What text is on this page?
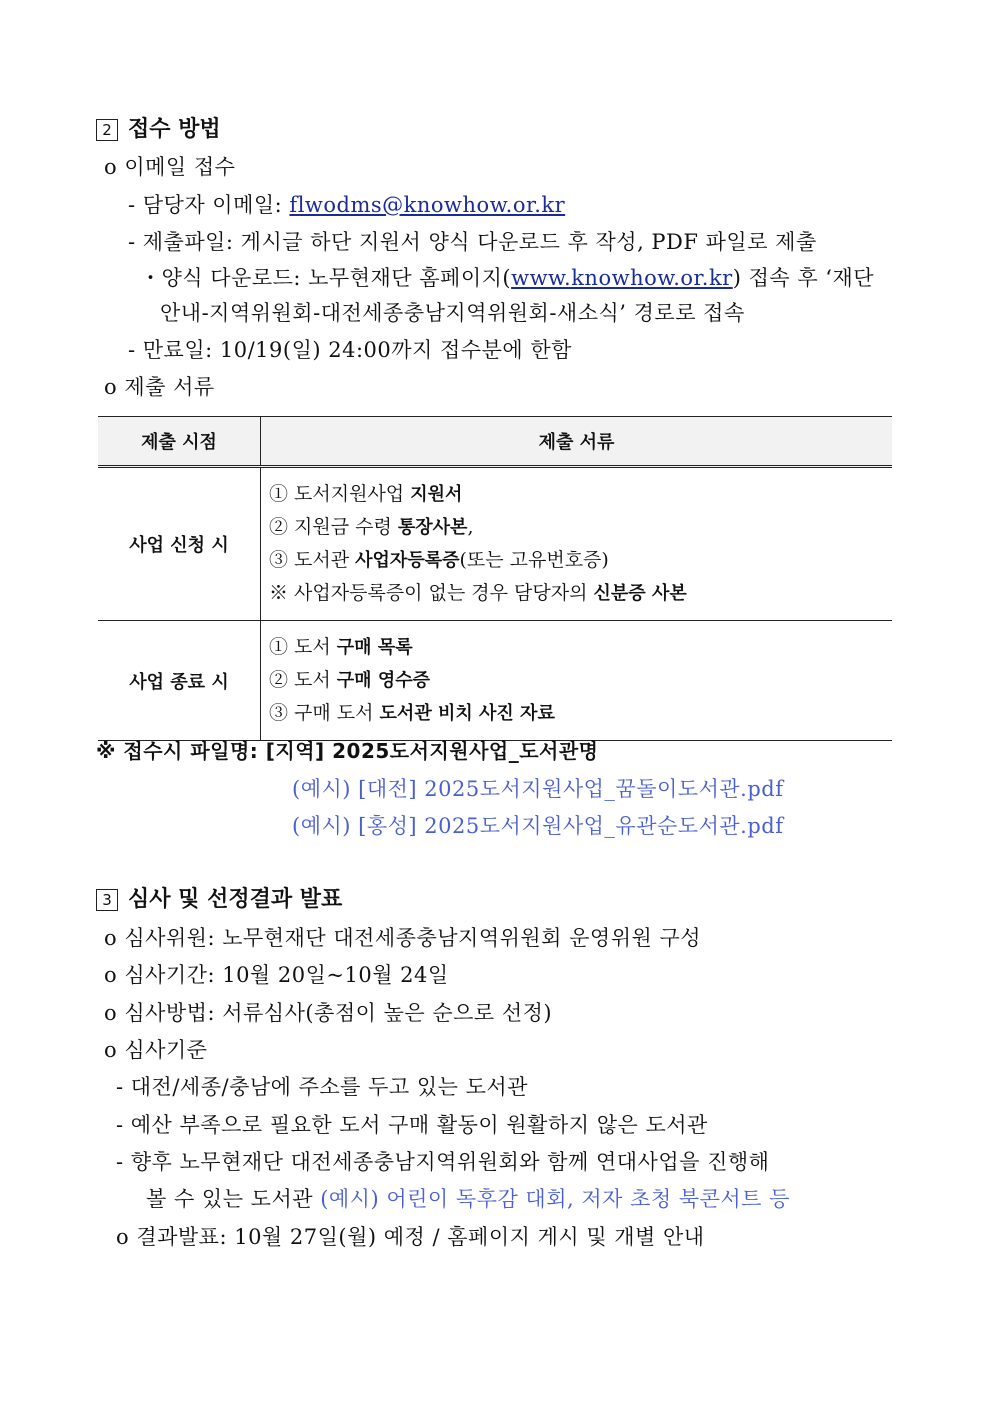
2 접수 방법
o 이메일 접수
- 담당자 이메일: flwodms@knowhow.or.kr
- 제출파일: 게시글 하단 지원서 양식 다운로드 후 작성, PDF 파일로 제출
・양식 다운로드: 노무현재단 홈페이지(www.knowhow.or.kr) 접속 후 ‘재단
안내-지역위원회-대전세종충남지역위원회-새소식’ 경로로 접속
- 만료일: 10/19(일) 24:00까지 접수분에 한함
o 제출 서류
제출 시점	제출 서류
사업 신청 시	① 도서지원사업 지원서
② 지원금 수령 통장사본,
③ 도서관 사업자등록증(또는 고유번호증)
※ 사업자등록증이 없는 경우 담당자의 신분증 사본

사업 종료 시	① 도서 구매 목록
② 도서 구매 영수증
③ 구매 도서 도서관 비치 사진 자료
※ 접수시 파일명: [지역] 2025도서지원사업_도서관명
(예시) [대전] 2025도서지원사업_꿈돌이도서관.pdf
(예시) [홍성] 2025도서지원사업_유관순도서관.pdf
3 심사 및 선정결과 발표
o 심사위원: 노무현재단 대전세종충남지역위원회 운영위원 구성
o 심사기간: 10월 20일~10월 24일
o 심사방법: 서류심사(총점이 높은 순으로 선정)
o 심사기준
- 대전/세종/충남에 주소를 두고 있는 도서관
- 예산 부족으로 필요한 도서 구매 활동이 원활하지 않은 도서관
- 향후 노무현재단 대전세종충남지역위원회와 함께 연대사업을 진행해
볼 수 있는 도서관 (예시) 어린이 독후감 대회, 저자 초청 북콘서트 등
o 결과발표: 10월 27일(월) 예정 / 홈페이지 게시 및 개별 안내
